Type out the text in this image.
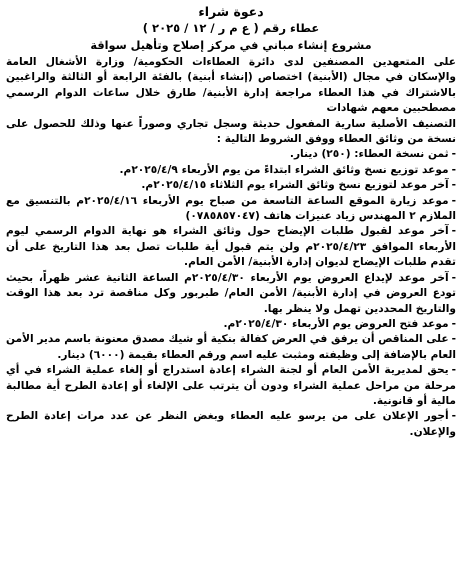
دعوة شراء

عطاء رقم ( ع م ر / ١٢ / ٢٠٢٥ )

مشروع إنشاء مباني في مركز إصلاح وتأهيل سواقة

على المتعهدين المصنفين لدى دائرة العطاءات الحكومية/ وزارة الأشغال العامة والإسكان في مجال (الأبنية) اختصاص (إنشاء أبنية) بالفئة الرابعة أو الثالثة والراغبين بالاشتراك في هذا العطاء مراجعة إدارة الأبنية/ طارق خلال ساعات الدوام الرسمي مصطحبين معهم شهادات

التصنيف الأصلية سارية المفعول حديثة وسجل تجاري وصوراً عنها وذلك للحصول على نسخة من وثائق العطاء ووفق الشروط التالية :

-ثمن نسخة العطاء: (٢٥٠) دينار.
-موعد توزيع نسخ وثائق الشراء ابتداءً من يوم الأربعاء ٢٠٢٥/٤/٩م.
-آخر موعد لتوزيع نسخ وثائق الشراء يوم الثلاثاء ٢٠٢٥/٤/١٥م.
-موعد زيارة الموقع الساعة التاسعة من صباح يوم الأربعاء ٢٠٢٥/٤/١٦م بالتنسيق مع الملازم ٢ المهندس زياد عنيزات هاتف (٠٧٨٥٨٥٧٠٤٧)
-آخر موعد لقبول طلبات الإيضاح حول وثائق الشراء هو نهاية الدوام الرسمي ليوم الأربعاء الموافق ٢٠٢٥/٤/٢٣م ولن يتم قبول أية طلبات تصل بعد هذا التاريخ على أن تقدم طلبات الإيضاح لديوان إدارة الأبنية/ الأمن العام.
-آخر موعد لإيداع العروض يوم الأربعاء ٢٠٢٥/٤/٣٠م الساعة الثانية عشر ظهراً، بحيث تودع العروض في إدارة الأبنية/ الأمن العام/ طبربور وكل مناقصة ترد بعد هذا الوقت والتاريخ المحددين تهمل ولا ينظر بها.
-موعد فتح العروض يوم الأربعاء ٢٠٢٥/٤/٣٠م.
-على المناقص أن يرفق في العرض كفالة بنكية أو شيك مصدق معنونة باسم مدير الأمن العام بالإضافة إلى وظيفته ومثبت عليه اسم ورقم العطاء بقيمة (٦٠٠٠) دينار.
-يحق لمديرية الأمن العام أو لجنة الشراء إعادة استدراج أو إلغاء عملية الشراء في أي مرحلة من مراحل عملية الشراء ودون أن يترتب على الإلغاء أو إعادة الطرح أية مطالبة مالية أو قانونية.
-أجور الإعلان على من يرسو عليه العطاء وبغض النظر عن عدد مرات إعادة الطرح والإعلان.
